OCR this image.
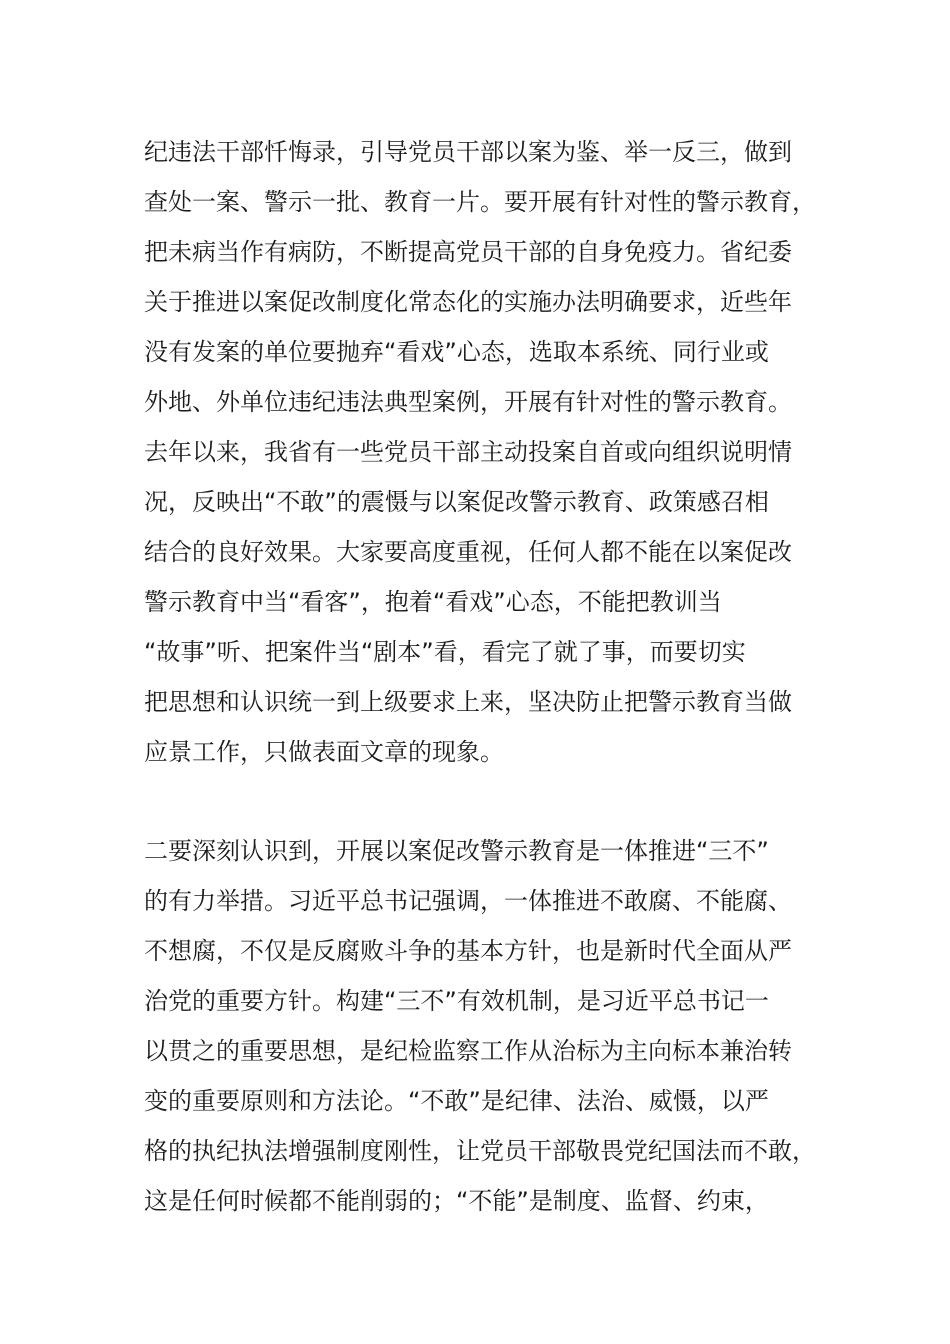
纪违法干部忏悔录，引导党员干部以案为鉴、举一反三，做到
查处一案、警示一批、教育一片。要开展有针对性的警示教育，
把未病当作有病防，不断提高党员干部的自身免疫力。省纪委
关于推进以案促改制度化常态化的实施办法明确要求，近些年
没有发案的单位要抛弃“看戏”心态，选取本系统、同行业或
外地、外单位违纪违法典型案例，开展有针对性的警示教育。
去年以来，我省有一些党员干部主动投案自首或向组织说明情
况，反映出“不敢”的震慑与以案促改警示教育、政策感召相
结合的良好效果。大家要高度重视，任何人都不能在以案促改
警示教育中当“看客”，抱着“看戏”心态，不能把教训当
“故事”听、把案件当“剧本”看，看完了就了事，而要切实
把思想和认识统一到上级要求上来，坚决防止把警示教育当做
应景工作，只做表面文章的现象。
二要深刻认识到，开展以案促改警示教育是一体推进“三不”
的有力举措。习近平总书记强调，一体推进不敢腐、不能腐、
不想腐，不仅是反腐败斗争的基本方针，也是新时代全面从严
治党的重要方针。构建“三不”有效机制，是习近平总书记一
以贯之的重要思想，是纪检监察工作从治标为主向标本兼治转
变的重要原则和方法论。“不敢”是纪律、法治、威慑，以严
格的执纪执法增强制度刚性，让党员干部敬畏党纪国法而不敢，
这是任何时候都不能削弱的；“不能”是制度、监督、约束，
